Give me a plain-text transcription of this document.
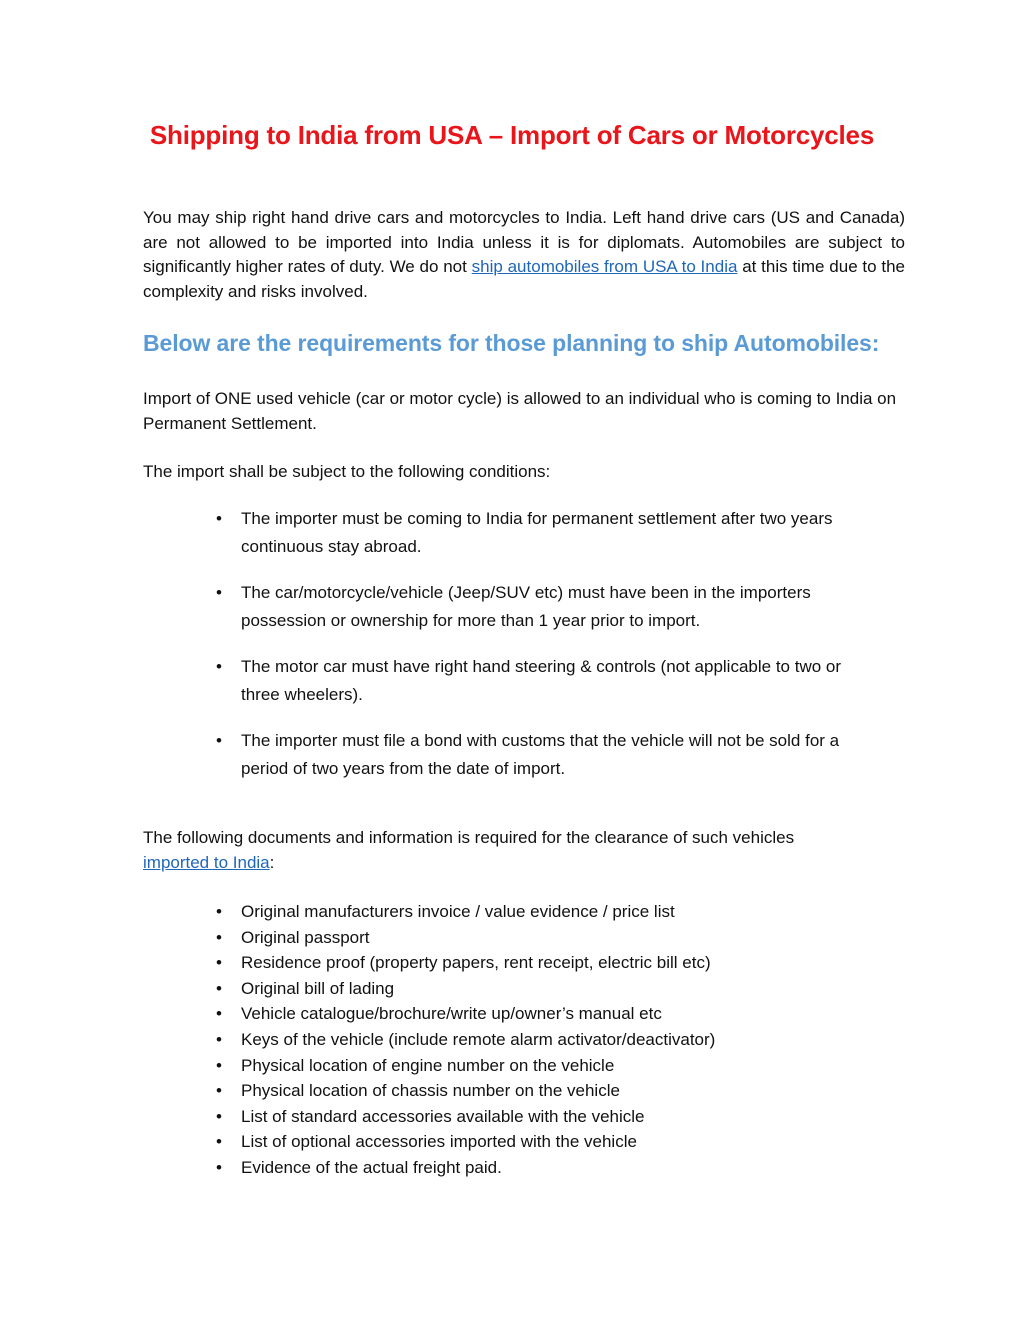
Shipping to India from USA – Import of Cars or Motorcycles

You may ship right hand drive cars and motorcycles to India. Left hand drive cars (US and Canada) are not allowed to be imported into India unless it is for diplomats. Automobiles are subject to significantly higher rates of duty. We do not ship automobiles from USA to India at this time due to the complexity and risks involved.

Below are the requirements for those planning to ship Automobiles:

Import of ONE used vehicle (car or motor cycle) is allowed to an individual who is coming to India on Permanent Settlement.

The import shall be subject to the following conditions:

• The importer must be coming to India for permanent settlement after two years continuous stay abroad.
• The car/motorcycle/vehicle (Jeep/SUV etc) must have been in the importers possession or ownership for more than 1 year prior to import.
• The motor car must have right hand steering & controls (not applicable to two or three wheelers).
• The importer must file a bond with customs that the vehicle will not be sold for a period of two years from the date of import.

The following documents and information is required for the clearance of such vehicles imported to India:

• Original manufacturers invoice / value evidence / price list
• Original passport
• Residence proof (property papers, rent receipt, electric bill etc)
• Original bill of lading
• Vehicle catalogue/brochure/write up/owner’s manual etc
• Keys of the vehicle (include remote alarm activator/deactivator)
• Physical location of engine number on the vehicle
• Physical location of chassis number on the vehicle
• List of standard accessories available with the vehicle
• List of optional accessories imported with the vehicle
• Evidence of the actual freight paid.
